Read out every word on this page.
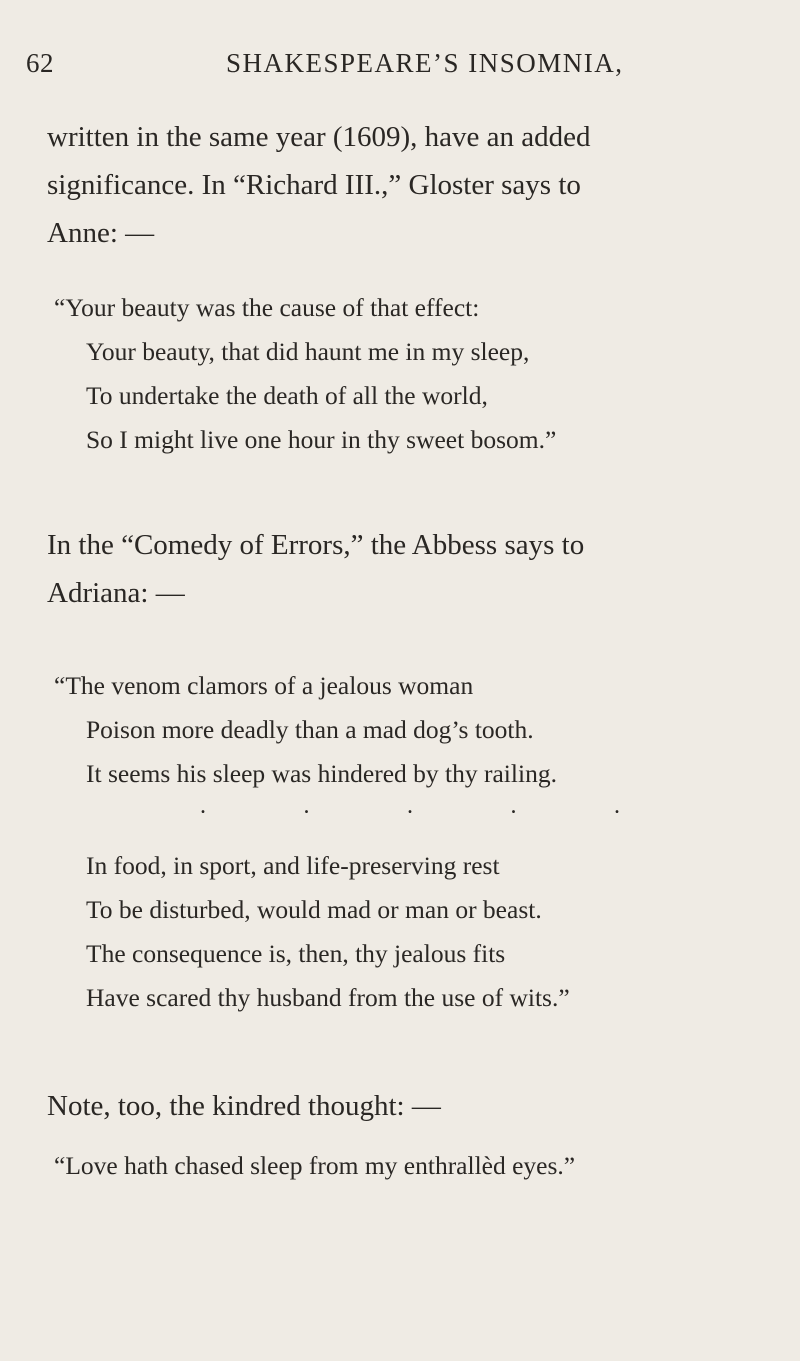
62	SHAKESPEARE’S INSOMNIA,

written in the same year (1609), have an added
significance. In “Richard III.,” Gloster says to
Anne: —

“Your beauty was the cause of that effect:
Your beauty, that did haunt me in my sleep,
To undertake the death of all the world,
So I might live one hour in thy sweet bosom.”

In the “Comedy of Errors,” the Abbess says to
Adriana: —

“The venom clamors of a jealous woman
Poison more deadly than a mad dog’s tooth.
It seems his sleep was hindered by thy railing.
.	.	.	.	.
In food, in sport, and life-preserving rest
To be disturbed, would mad or man or beast.
The consequence is, then, thy jealous fits
Have scared thy husband from the use of wits.”

Note, too, the kindred thought: —

“Love hath chased sleep from my enthrallèd eyes.”
